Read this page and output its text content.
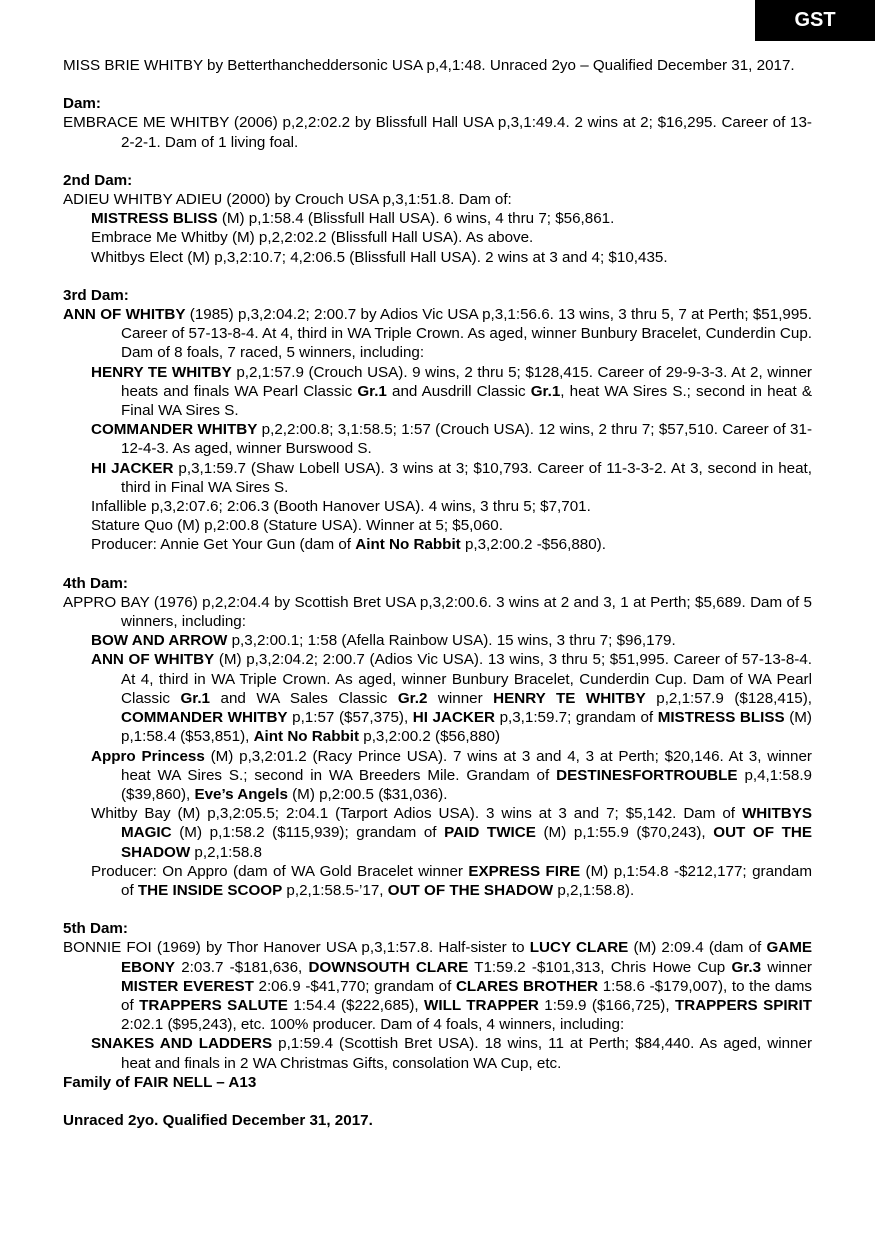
GST
MISS BRIE WHITBY by Betterthancheddersonic USA p,4,1:48. Unraced 2yo – Qualified December 31, 2017.
Dam:
EMBRACE ME WHITBY (2006) p,2,2:02.2 by Blissfull Hall USA p,3,1:49.4. 2 wins at 2; $16,295. Career of 13-2-2-1. Dam of 1 living foal.
2nd Dam:
ADIEU WHITBY ADIEU (2000) by Crouch USA p,3,1:51.8. Dam of:
MISTRESS BLISS (M) p,1:58.4 (Blissfull Hall USA). 6 wins, 4 thru 7; $56,861.
Embrace Me Whitby (M) p,2,2:02.2 (Blissfull Hall USA). As above.
Whitbys Elect (M) p,3,2:10.7; 4,2:06.5 (Blissfull Hall USA). 2 wins at 3 and 4; $10,435.
3rd Dam:
ANN OF WHITBY (1985) p,3,2:04.2; 2:00.7 by Adios Vic USA p,3,1:56.6. 13 wins, 3 thru 5, 7 at Perth; $51,995. Career of 57-13-8-4. At 4, third in WA Triple Crown. As aged, winner Bunbury Bracelet, Cunderdin Cup. Dam of 8 foals, 7 raced, 5 winners, including:
HENRY TE WHITBY p,2,1:57.9 (Crouch USA). 9 wins, 2 thru 5; $128,415. Career of 29-9-3-3. At 2, winner heats and finals WA Pearl Classic Gr.1 and Ausdrill Classic Gr.1, heat WA Sires S.; second in heat & Final WA Sires S.
COMMANDER WHITBY p,2,2:00.8; 3,1:58.5; 1:57 (Crouch USA). 12 wins, 2 thru 7; $57,510. Career of 31-12-4-3. As aged, winner Burswood S.
HI JACKER p,3,1:59.7 (Shaw Lobell USA). 3 wins at 3; $10,793. Career of 11-3-3-2. At 3, second in heat, third in Final WA Sires S.
Infallible p,3,2:07.6; 2:06.3 (Booth Hanover USA). 4 wins, 3 thru 5; $7,701.
Stature Quo (M) p,2:00.8 (Stature USA). Winner at 5; $5,060.
Producer: Annie Get Your Gun (dam of Aint No Rabbit p,3,2:00.2 -$56,880).
4th Dam:
APPRO BAY (1976) p,2,2:04.4 by Scottish Bret USA p,3,2:00.6. 3 wins at 2 and 3, 1 at Perth; $5,689. Dam of 5 winners, including:
BOW AND ARROW p,3,2:00.1; 1:58 (Afella Rainbow USA). 15 wins, 3 thru 7; $96,179.
ANN OF WHITBY (M) p,3,2:04.2; 2:00.7 (Adios Vic USA). 13 wins, 3 thru 5; $51,995. Career of 57-13-8-4. At 4, third in WA Triple Crown. As aged, winner Bunbury Bracelet, Cunderdin Cup. Dam of WA Pearl Classic Gr.1 and WA Sales Classic Gr.2 winner HENRY TE WHITBY p,2,1:57.9 ($128,415), COMMANDER WHITBY p,1:57 ($57,375), HI JACKER p,3,1:59.7; grandam of MISTRESS BLISS (M) p,1:58.4 ($53,851), Aint No Rabbit p,3,2:00.2 ($56,880)
Appro Princess (M) p,3,2:01.2 (Racy Prince USA). 7 wins at 3 and 4, 3 at Perth; $20,146. At 3, winner heat WA Sires S.; second in WA Breeders Mile. Grandam of DESTINESFORTROUBLE p,4,1:58.9 ($39,860), Eve’s Angels (M) p,2:00.5 ($31,036).
Whitby Bay (M) p,3,2:05.5; 2:04.1 (Tarport Adios USA). 3 wins at 3 and 7; $5,142. Dam of WHITBYS MAGIC (M) p,1:58.2 ($115,939); grandam of PAID TWICE (M) p,1:55.9 ($70,243), OUT OF THE SHADOW p,2,1:58.8
Producer: On Appro (dam of WA Gold Bracelet winner EXPRESS FIRE (M) p,1:54.8 -$212,177; grandam of THE INSIDE SCOOP p,2,1:58.5-’17, OUT OF THE SHADOW p,2,1:58.8).
5th Dam:
BONNIE FOI (1969) by Thor Hanover USA p,3,1:57.8. Half-sister to LUCY CLARE (M) 2:09.4 (dam of GAME EBONY 2:03.7 -$181,636, DOWNSOUTH CLARE T1:59.2 -$101,313, Chris Howe Cup Gr.3 winner MISTER EVEREST 2:06.9 -$41,770; grandam of CLARES BROTHER 1:58.6 -$179,007), to the dams of TRAPPERS SALUTE 1:54.4 ($222,685), WILL TRAPPER 1:59.9 ($166,725), TRAPPERS SPIRIT 2:02.1 ($95,243), etc. 100% producer. Dam of 4 foals, 4 winners, including:
SNAKES AND LADDERS p,1:59.4 (Scottish Bret USA). 18 wins, 11 at Perth; $84,440. As aged, winner heat and finals in 2 WA Christmas Gifts, consolation WA Cup, etc.
Family of FAIR NELL – A13
Unraced 2yo. Qualified December 31, 2017.
